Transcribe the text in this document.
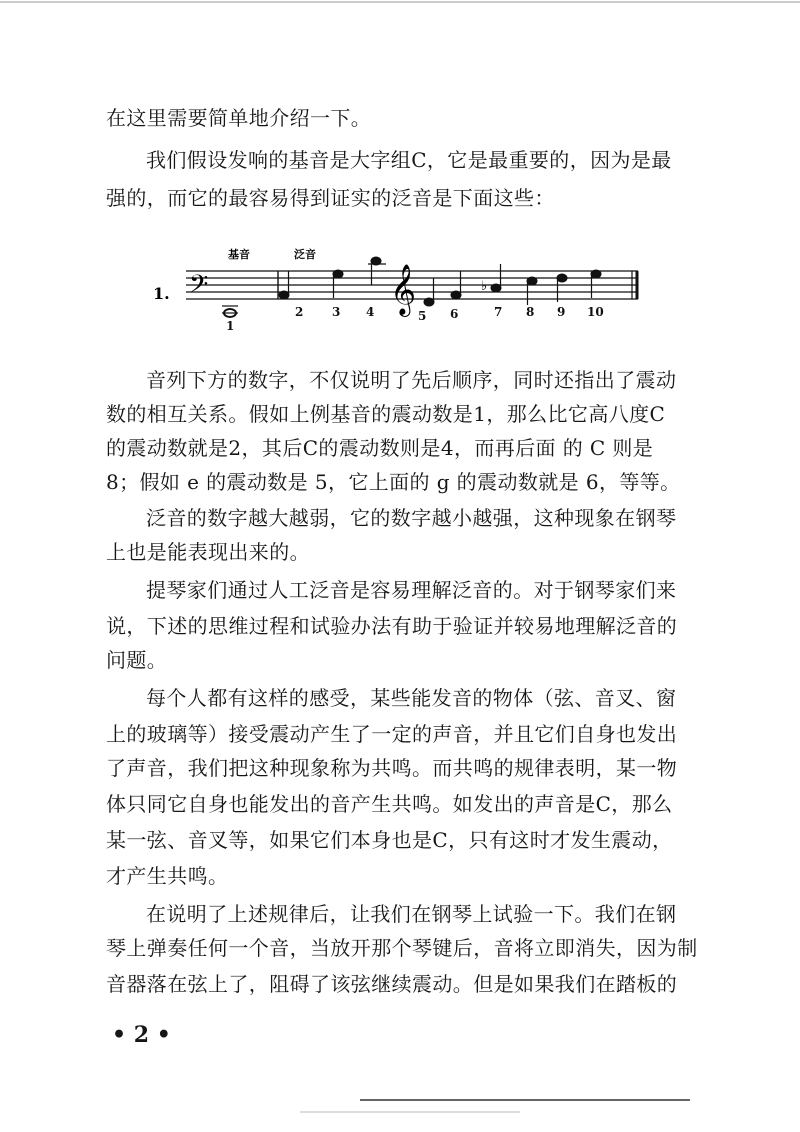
在这里需要简单地介绍一下。
我们假设发响的基音是大字组C，它是最重要的，因为是最
强的，而它的最容易得到证实的泛音是下面这些：
基音	泛音
1. 𝄢	𝄞	♭
1
2 3 4	5 6	7 8 9 10
音列下方的数字，不仅说明了先后顺序，同时还指出了震动
数的相互关系。假如上例基音的震动数是1，那么比它高八度C
的震动数就是2，其后C的震动数则是4，而再后面 的 C 则是
8；假如 e 的震动数是 5，它上面的 g 的震动数就是 6，等等。
泛音的数字越大越弱，它的数字越小越强，这种现象在钢琴
上也是能表现出来的。
提琴家们通过人工泛音是容易理解泛音的。对于钢琴家们来
说，下述的思维过程和试验办法有助于验证并较易地理解泛音的
问题。
每个人都有这样的感受，某些能发音的物体（弦、音叉、窗
上的玻璃等）接受震动产生了一定的声音，并且它们自身也发出
了声音，我们把这种现象称为共鸣。而共鸣的规律表明，某一物
体只同它自身也能发出的音产生共鸣。如发出的声音是C，那么
某一弦、音叉等，如果它们本身也是C，只有这时才发生震动，
才产生共鸣。
在说明了上述规律后，让我们在钢琴上试验一下。我们在钢
琴上弹奏任何一个音，当放开那个琴键后，音将立即消失，因为制
音器落在弦上了，阻碍了该弦继续震动。但是如果我们在踏板的
• 2 •
